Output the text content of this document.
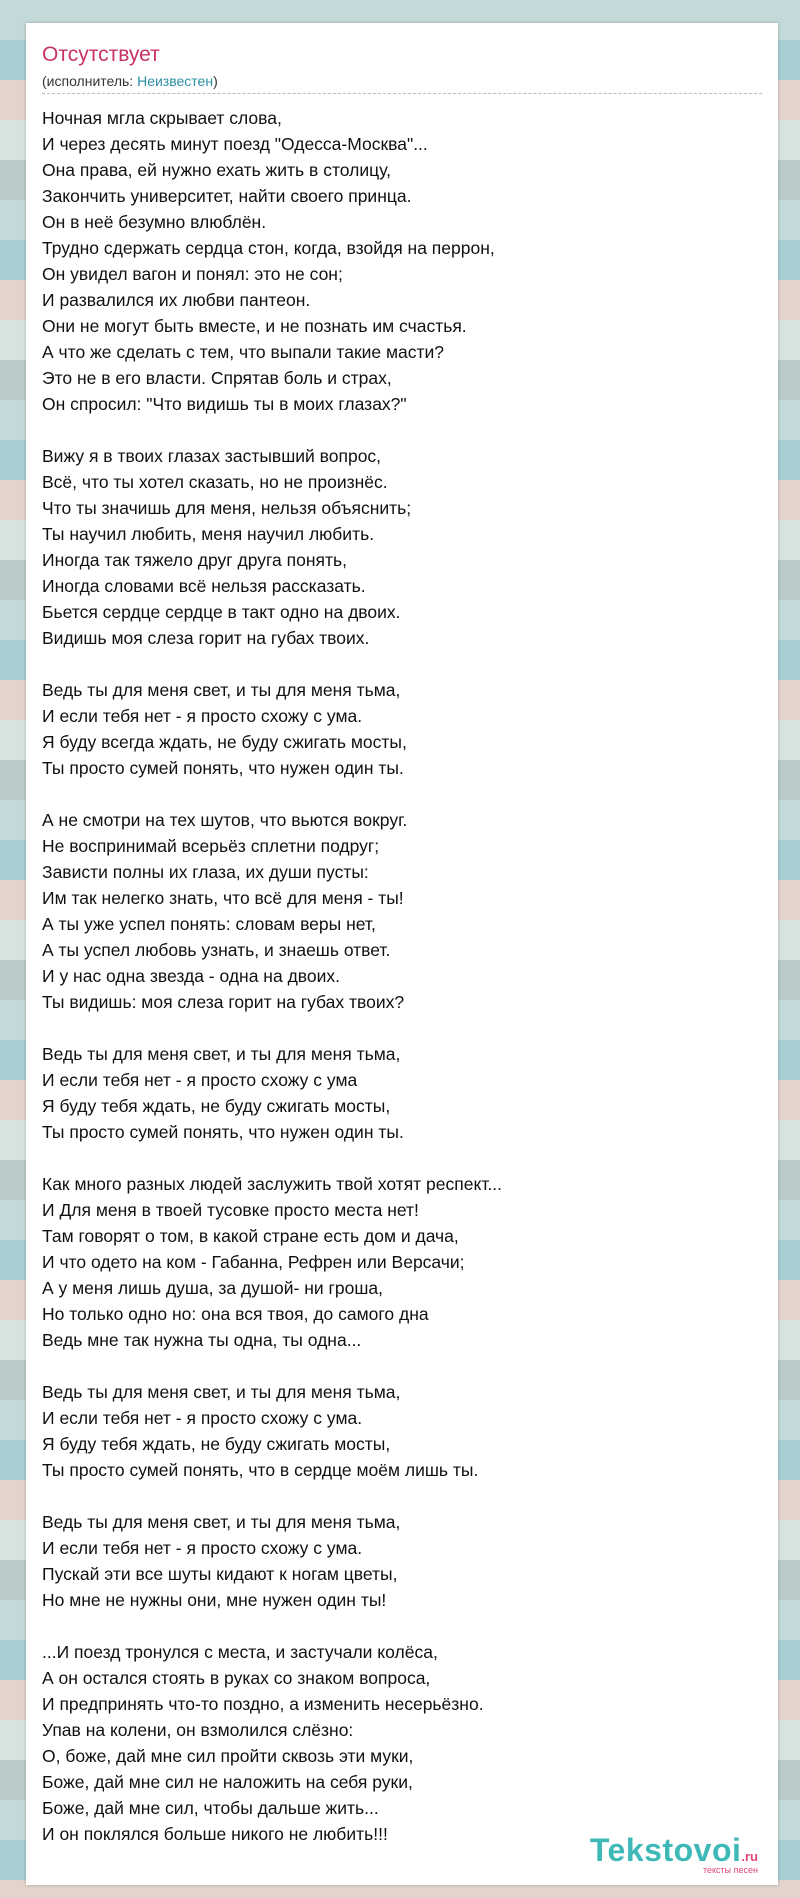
Отсутствует
(исполнитель: Неизвестен)
Ночная мгла скрывает слова,
И через десять минут поезд "Одесса-Москва"...
Она права, ей нужно ехать жить в столицу,
Закончить университет, найти своего принца.
Он в неё безумно влюблён.
Трудно сдержать сердца стон, когда, взойдя на перрон,
Он увидел вагон и понял: это не сон;
И развалился их любви пантеон.
Они не могут быть вместе, и не познать им счастья.
А что же сделать с тем, что выпали такие масти?
Это не в его власти. Спрятав боль и страх,
Он спросил: "Что видишь ты в моих глазах?"
Вижу я в твоих глазах застывший вопрос,
Всё, что ты хотел сказать, но не произнёс.
Что ты значишь для меня, нельзя объяснить;
Ты научил любить, меня научил любить.
Иногда так тяжело друг друга понять,
Иногда словами всё нельзя рассказать.
Бьется сердце сердце в такт одно на двоих.
Видишь моя слеза горит на губах твоих.
Ведь ты для меня свет, и ты для меня тьма,
И если тебя нет - я просто схожу с ума.
Я буду всегда ждать, не буду сжигать мосты,
Ты просто сумей понять, что нужен один ты.
А не смотри на тех шутов, что вьются вокруг.
Не воспринимай всерьёз сплетни подруг;
Зависти полны их глаза, их души пусты:
Им так нелегко знать, что всё для меня - ты!
А ты уже успел понять: словам веры нет,
А ты успел любовь узнать, и знаешь ответ.
И у нас одна звезда - одна на двоих.
Ты видишь: моя слеза горит на губах твоих?
Ведь ты для меня свет, и ты для меня тьма,
И если тебя нет - я просто схожу с ума
Я буду тебя ждать, не буду сжигать мосты,
Ты просто сумей понять, что нужен один ты.
Как много разных людей заслужить твой хотят респект...
И Для меня в твоей тусовке просто места нет!
Там говорят о том, в какой стране есть дом и дача,
И что одето на ком - Габанна, Рефрен или Версачи;
А у меня лишь душа, за душой- ни гроша,
Но только одно но: она вся твоя, до самого дна
Ведь мне так нужна ты одна, ты одна...
Ведь ты для меня свет, и ты для меня тьма,
И если тебя нет - я просто схожу с ума.
Я буду тебя ждать, не буду сжигать мосты,
Ты просто сумей понять, что в сердце моём лишь ты.
Ведь ты для меня свет, и ты для меня тьма,
И если тебя нет - я просто схожу с ума.
Пускай эти все шуты кидают к ногам цветы,
Но мне не нужны они, мне нужен один ты!
...И поезд тронулся с места, и застучали колёса,
А он остался стоять в руках со знаком вопроса,
И предпринять что-то поздно, а изменить несерьёзно.
Упав на колени, он взмолился слёзно:
О, боже, дай мне сил пройти сквозь эти муки,
Боже, дай мне сил не наложить на себя руки,
Боже, дай мне сил, чтобы дальше жить...
И он поклялся больше никого не любить!!!	Tekstovoi.ru
тексты песен
